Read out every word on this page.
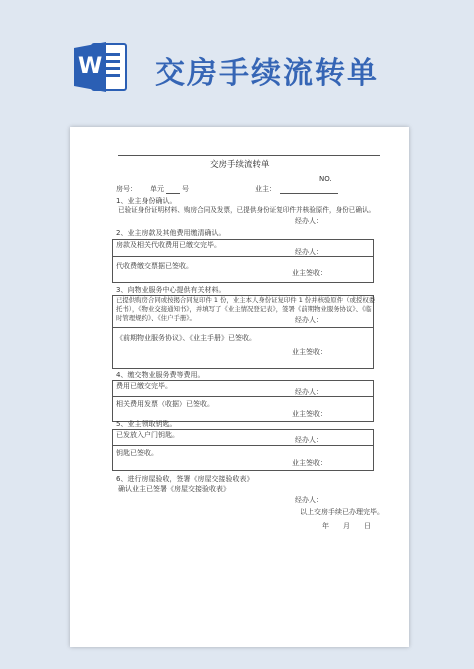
W 交房手续流转单
交房手续流转单
NO.
房号： 单元	号	业主：
1、业主身份确认。
已验证身份证明材料、购房合同及发票，已提供身份证复印件并核验原件，身份已确认。
经办人：
2、业主房款及其他费用缴清确认。
房款及相关代收费用已缴交完毕。
经办人：
代收费缴交票据已签收。
业主签收：
3、向物业服务中心提供有关材料。
已提供购房合同或按揭合同复印件 1 份，业主本人身份证复印件 1 份并核验原件（或授权委
托书），《物业交接通知书》，并填写了《业主情况登记表》，签署《前期物业服务协议》、《临
时管理规约》、《住户手册》。	经办人：
《前期物业服务协议》、《业主手册》已签收。
业主签收：
4、缴交物业服务费等费用。
费用已缴交完毕。
经办人：
相关费用发票（收据）已签收。
业主签收：
5、业主领取钥匙。
已发放入户门钥匙。
经办人：
钥匙已签收。
业主签收：
6、进行房屋验收，签署《房屋交接验收表》
确认业主已签署《房屋交接验收表》
经办人：
以上交房手续已办理完毕。
年　　月　　日
